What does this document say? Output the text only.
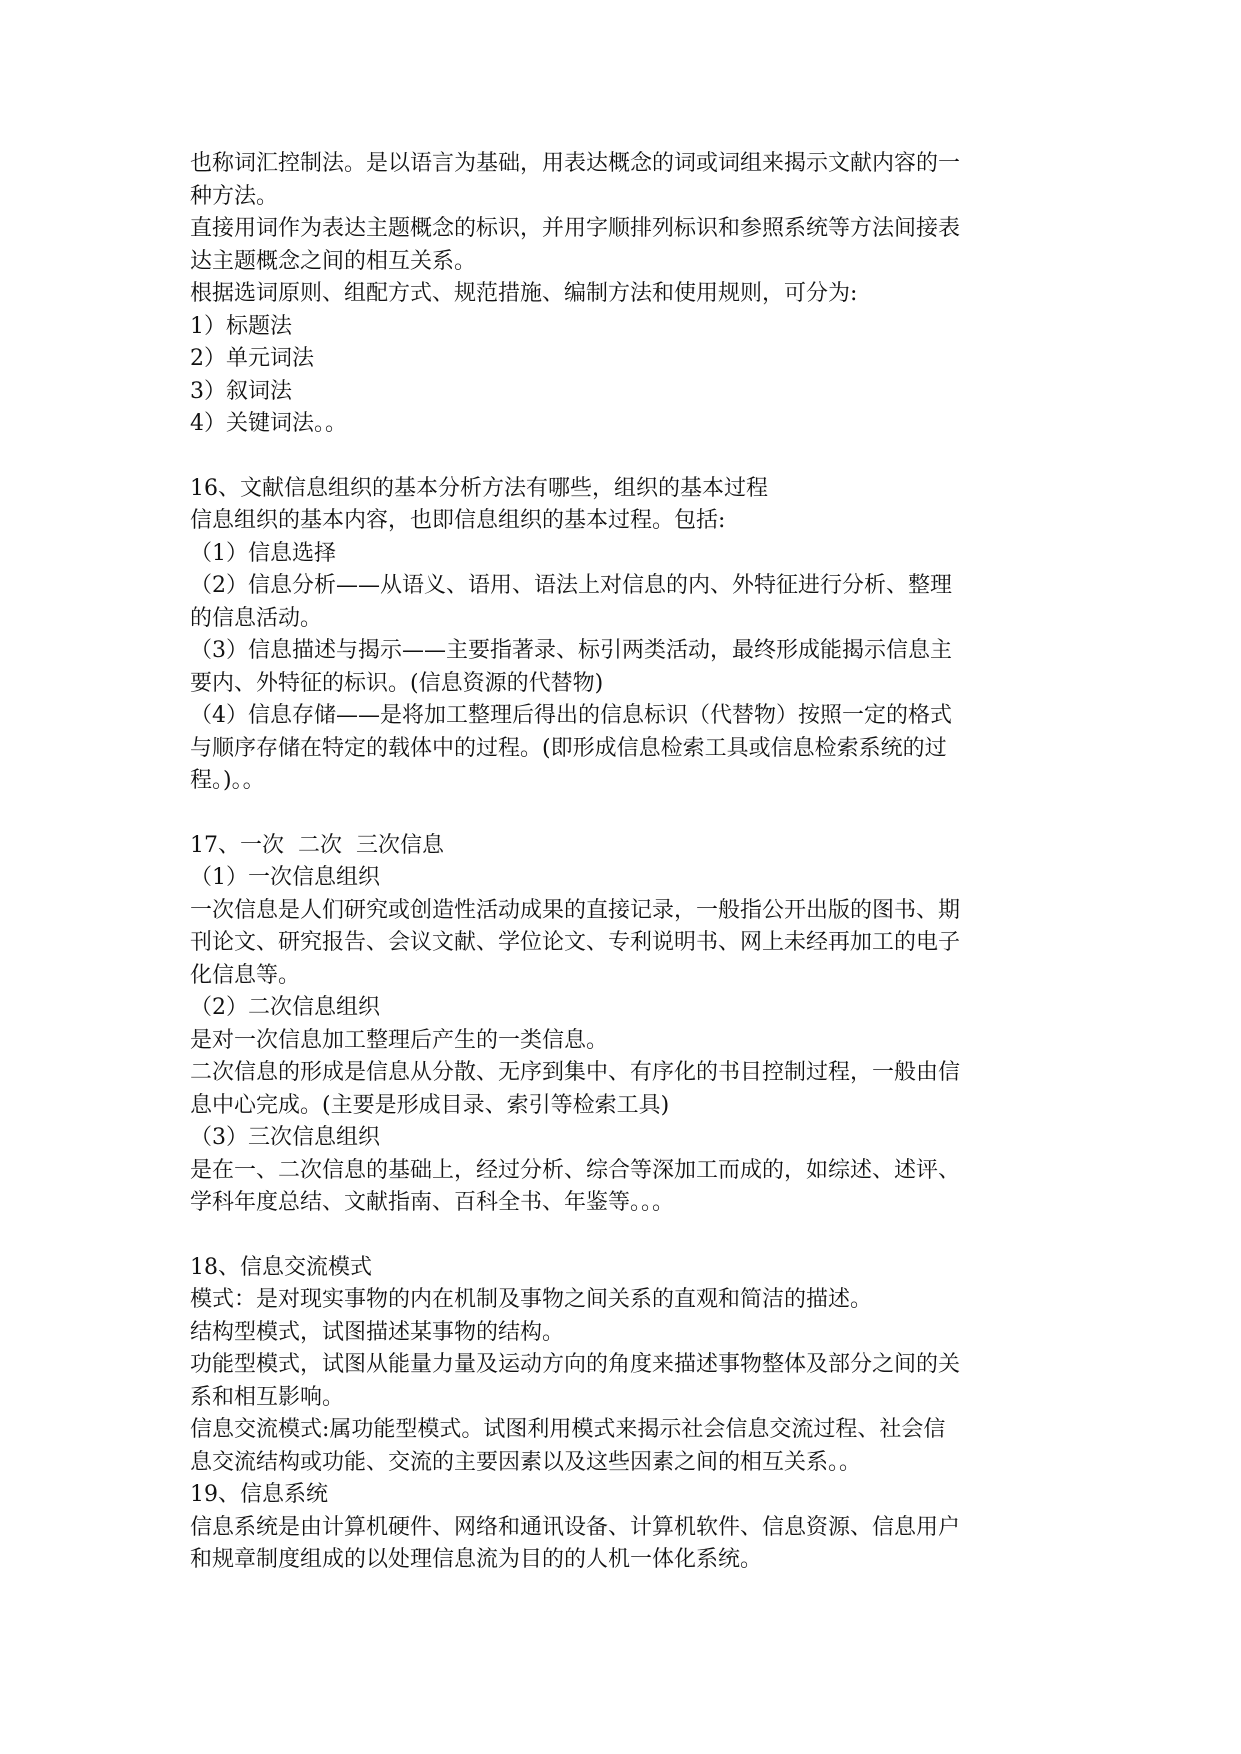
也称词汇控制法。是以语言为基础，用表达概念的词或词组来揭示文献内容的一
种方法。
直接用词作为表达主题概念的标识，并用字顺排列标识和参照系统等方法间接表
达主题概念之间的相互关系。
根据选词原则、组配方式、规范措施、编制方法和使用规则，可分为:
1）标题法
2）单元词法
3）叙词法
4）关键词法。。
16、文献信息组织的基本分析方法有哪些，组织的基本过程
信息组织的基本内容，也即信息组织的基本过程。包括:
（1）信息选择
（2）信息分析——从语义、语用、语法上对信息的内、外特征进行分析、整理
的信息活动。
（3）信息描述与揭示——主要指著录、标引两类活动，最终形成能揭示信息主
要内、外特征的标识。(信息资源的代替物)
（4）信息存储——是将加工整理后得出的信息标识（代替物）按照一定的格式
与顺序存储在特定的载体中的过程。(即形成信息检索工具或信息检索系统的过
程。)。。
17、一次  二次  三次信息
（1）一次信息组织
一次信息是人们研究或创造性活动成果的直接记录，一般指公开出版的图书、期
刊论文、研究报告、会议文献、学位论文、专利说明书、网上未经再加工的电子
化信息等。
（2）二次信息组织
是对一次信息加工整理后产生的一类信息。
二次信息的形成是信息从分散、无序到集中、有序化的书目控制过程，一般由信
息中心完成。(主要是形成目录、索引等检索工具)
（3）三次信息组织
是在一、二次信息的基础上，经过分析、综合等深加工而成的，如综述、述评、
学科年度总结、文献指南、百科全书、年鉴等。。。
18、信息交流模式
模式：是对现实事物的内在机制及事物之间关系的直观和简洁的描述。
结构型模式，试图描述某事物的结构。
功能型模式，试图从能量力量及运动方向的角度来描述事物整体及部分之间的关
系和相互影响。
信息交流模式:属功能型模式。试图利用模式来揭示社会信息交流过程、社会信
息交流结构或功能、交流的主要因素以及这些因素之间的相互关系。。
19、信息系统
信息系统是由计算机硬件、网络和通讯设备、计算机软件、信息资源、信息用户
和规章制度组成的以处理信息流为目的的人机一体化系统。
